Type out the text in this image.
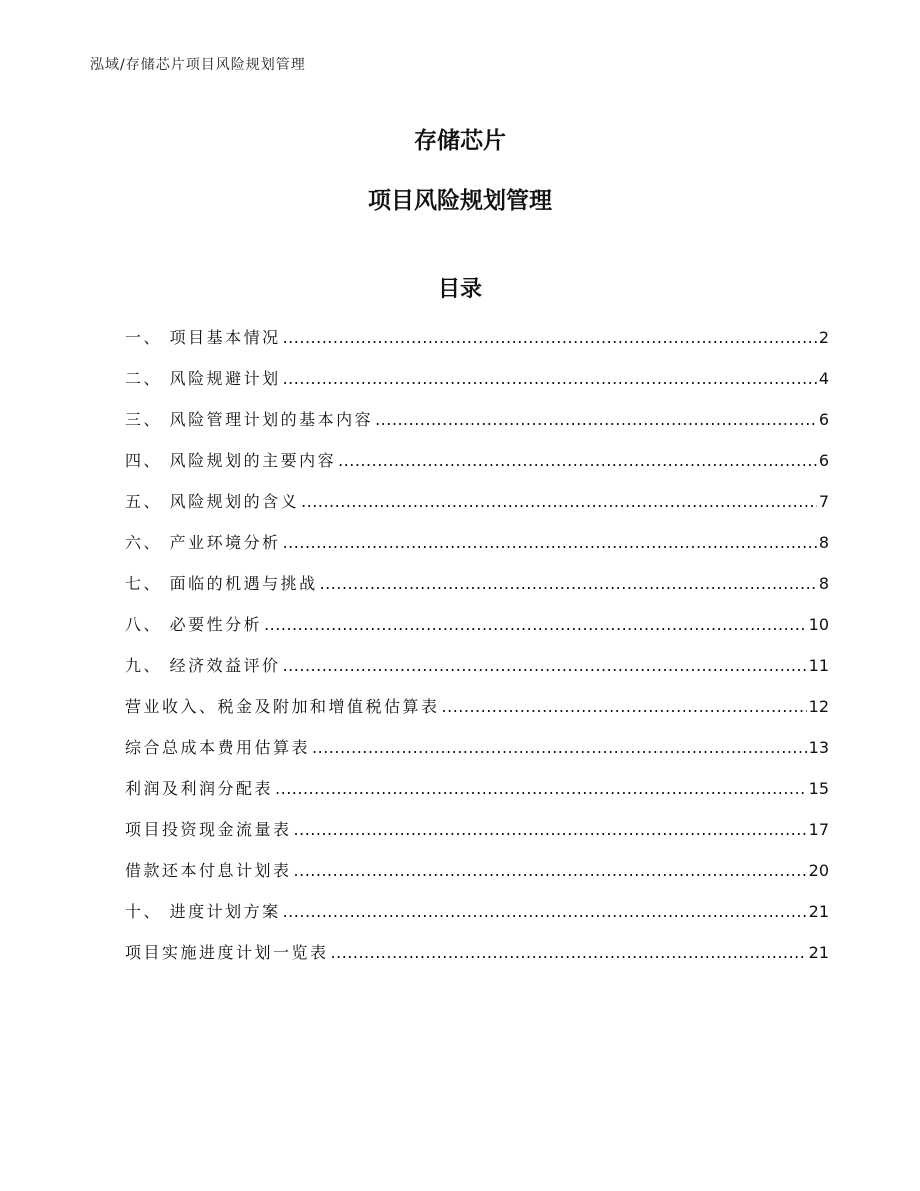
泓域/存储芯片项目风险规划管理
存储芯片
项目风险规划管理
目录
一、 项目基本情况 .....	2
二、 风险规避计划 .....	4
三、 风险管理计划的基本内容 .....	6
四、 风险规划的主要内容 .....	6
五、 风险规划的含义 .....	7
六、 产业环境分析 .....	8
七、 面临的机遇与挑战 .....	8
八、 必要性分析 .....	10
九、 经济效益评价 .....	11
营业收入、税金及附加和增值税估算表 .....	12
综合总成本费用估算表 .....	13
利润及利润分配表 .....	15
项目投资现金流量表 .....	17
借款还本付息计划表 .....	20
十、 进度计划方案 .....	21
项目实施进度计划一览表 .....	21
